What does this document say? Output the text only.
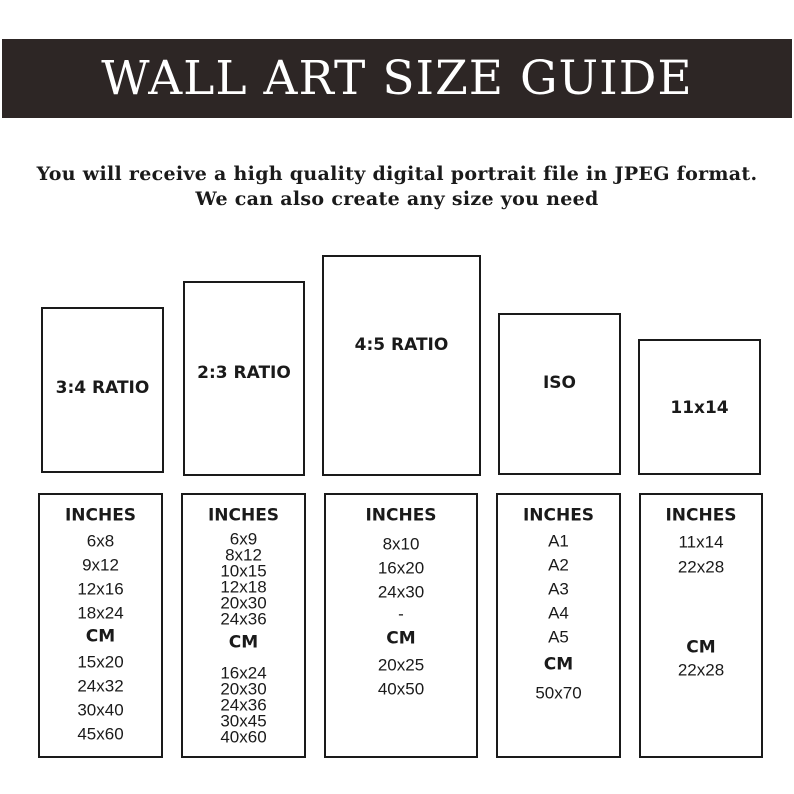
WALL ART SIZE GUIDE
You will receive a high quality digital portrait file in JPEG format.
We can also create any size you need
3:4 RATIO
2:3 RATIO
4:5 RATIO
ISO
11x14
INCHES
6x8
9x12
12x16
18x24
CM
15x20
24x32
30x40
45x60
INCHES
6x9
8x12
10x15
12x18
20x30
24x36
CM
16x24
20x30
24x36
30x45
40x60
INCHES
8x10
16x20
24x30
-
CM
20x25
40x50
INCHES
A1
A2
A3
A4
A5
CM
50x70
INCHES
11x14
22x28
CM
22x28
